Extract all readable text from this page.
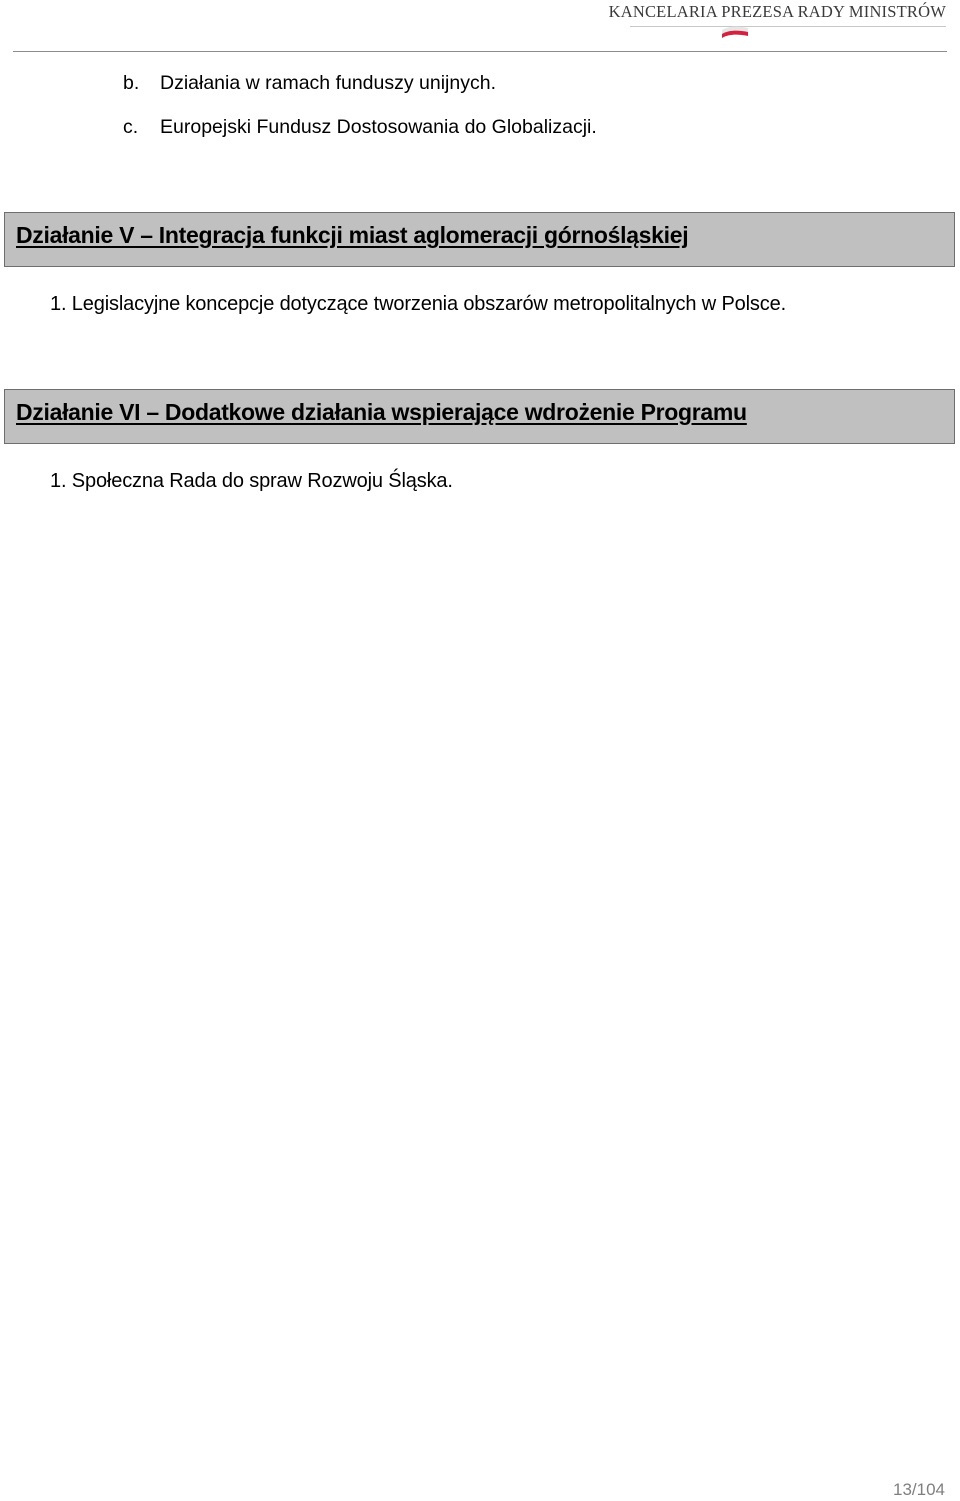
KANCELARIA PREZESA RADY MINISTRÓW
b. Działania w ramach funduszy unijnych.
c. Europejski Fundusz Dostosowania do Globalizacji.
Działanie V – Integracja funkcji miast aglomeracji górnośląskiej
1. Legislacyjne koncepcje dotyczące tworzenia obszarów metropolitalnych w Polsce.
Działanie VI – Dodatkowe działania wspierające wdrożenie Programu
1. Społeczna Rada do spraw Rozwoju Śląska.
13/104
